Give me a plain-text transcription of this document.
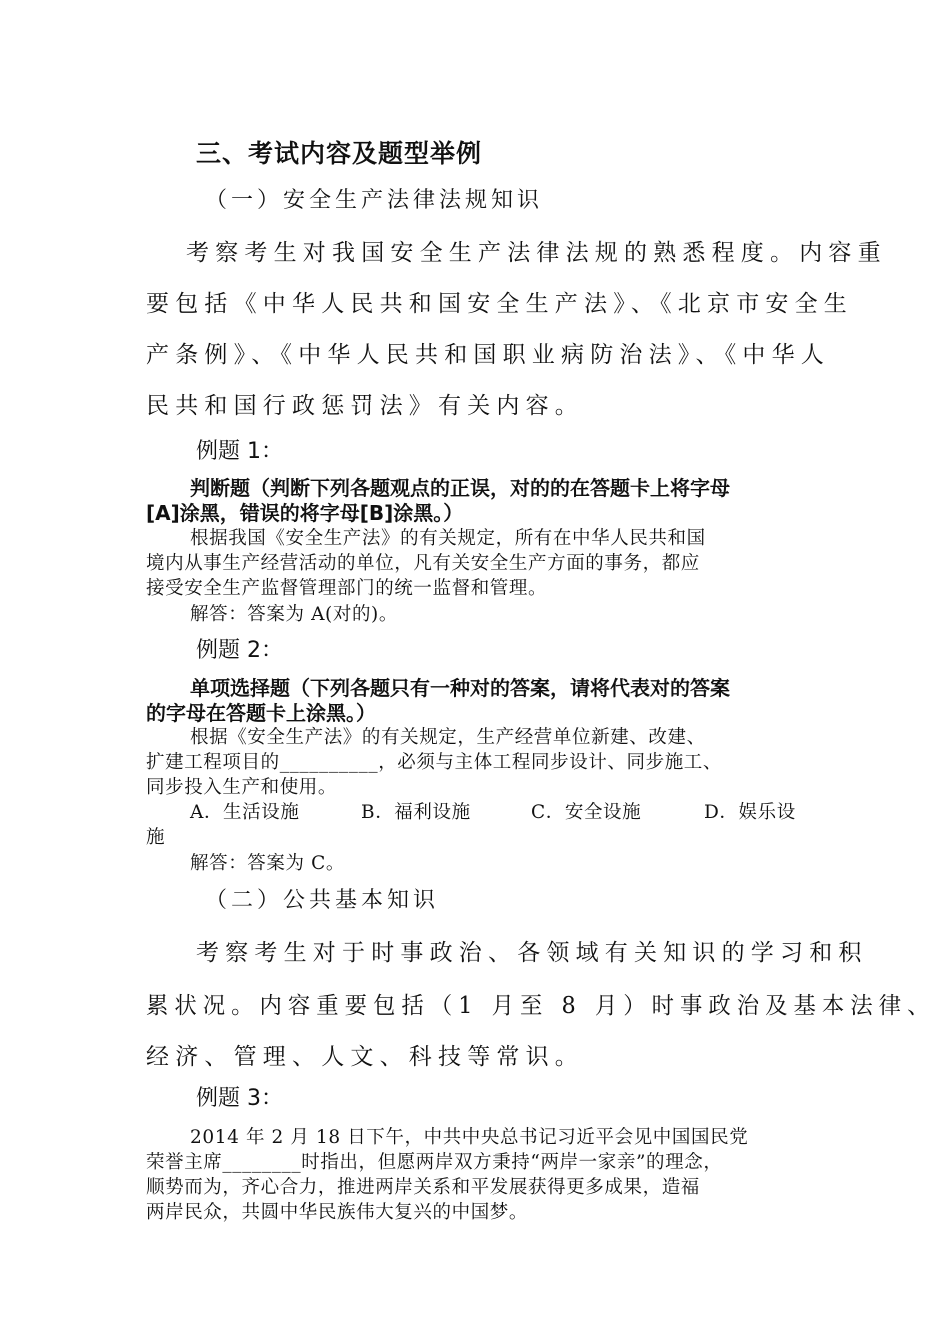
三、考试内容及题型举例
（一）安全生产法律法规知识
考察考生对我国安全生产法律法规的熟悉程度。内容重
要包括《中华人民共和国安全生产法》、《北京市安全生
产条例》、《中华人民共和国职业病防治法》、《中华人
民共和国行政惩罚法》有关内容。
例题 1：
判断题（判断下列各题观点的正误，对的的在答题卡上将字母
[A]涂黑，错误的将字母[B]涂黑。）
根据我国《安全生产法》的有关规定，所有在中华人民共和国
境内从事生产经营活动的单位，凡有关安全生产方面的事务，都应
接受安全生产监督管理部门的统一监督和管理。
解答：答案为 A(对的)。
例题 2：
单项选择题（下列各题只有一种对的答案，请将代表对的答案
的字母在答题卡上涂黑。）
根据《安全生产法》的有关规定，生产经营单位新建、改建、
扩建工程项目的__________，必须与主体工程同步设计、同步施工、
同步投入生产和使用。
A．生活设施	B．福利设施	C．安全设施	D．娱乐设
施
解答：答案为 C。
（二）公共基本知识
考察考生对于时事政治、各领域有关知识的学习和积
累状况。内容重要包括（1 月至 8 月）时事政治及基本法律、
经济、管理、人文、科技等常识。
例题 3：
2014 年 2 月 18 日下午，中共中央总书记习近平会见中国国民党
荣誉主席________时指出，但愿两岸双方秉持“两岸一家亲”的理念，
顺势而为，齐心合力，推进两岸关系和平发展获得更多成果，造福
两岸民众，共圆中华民族伟大复兴的中国梦。
